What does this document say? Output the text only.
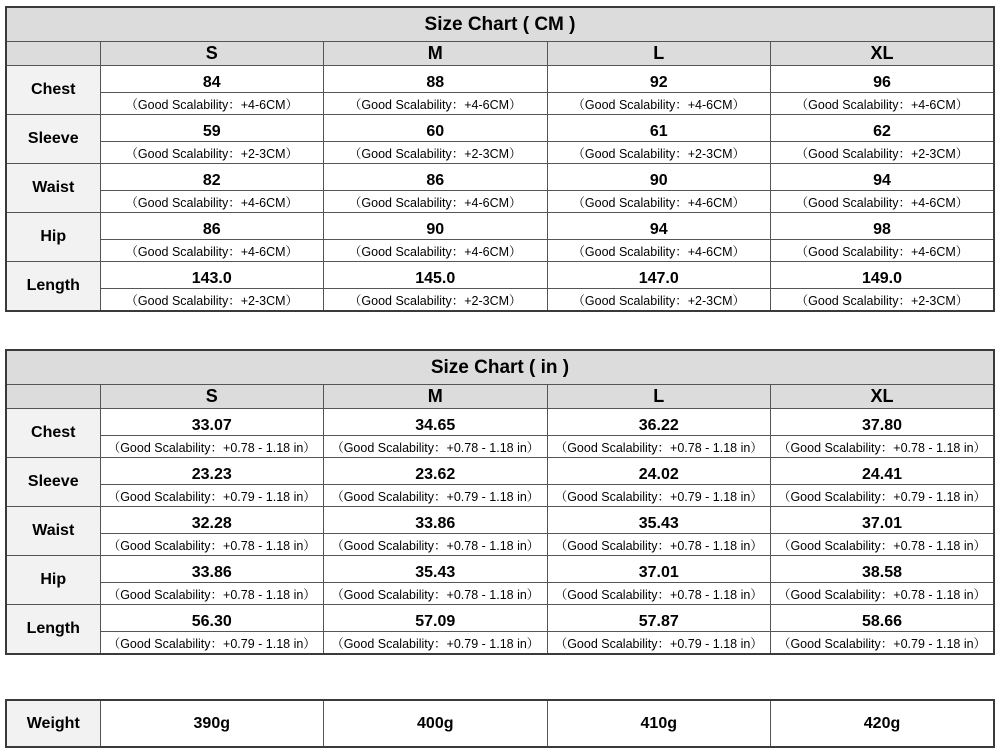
Size Chart ( CM )				
	S	M	L	XL
Chest	84	88	92	96
	（Good Scalability：+4-6CM）	（Good Scalability：+4-6CM）	（Good Scalability：+4-6CM）	（Good Scalability：+4-6CM）
Sleeve	59	60	61	62
	（Good Scalability：+2-3CM）	（Good Scalability：+2-3CM）	（Good Scalability：+2-3CM）	（Good Scalability：+2-3CM）
Waist	82	86	90	94
	（Good Scalability：+4-6CM）	（Good Scalability：+4-6CM）	（Good Scalability：+4-6CM）	（Good Scalability：+4-6CM）
Hip	86	90	94	98
	（Good Scalability：+4-6CM）	（Good Scalability：+4-6CM）	（Good Scalability：+4-6CM）	（Good Scalability：+4-6CM）
Length	143.0	145.0	147.0	149.0
	（Good Scalability：+2-3CM）	（Good Scalability：+2-3CM）	（Good Scalability：+2-3CM）	（Good Scalability：+2-3CM）
Size Chart ( in )				
	S	M	L	XL
Chest	33.07	34.65	36.22	37.80
	（Good Scalability：+0.78 - 1.18 in）	（Good Scalability：+0.78 - 1.18 in）	（Good Scalability：+0.78 - 1.18 in）	（Good Scalability：+0.78 - 1.18 in）
Sleeve	23.23	23.62	24.02	24.41
	（Good Scalability：+0.79 - 1.18 in）	（Good Scalability：+0.79 - 1.18 in）	（Good Scalability：+0.79 - 1.18 in）	（Good Scalability：+0.79 - 1.18 in）
Waist	32.28	33.86	35.43	37.01
	（Good Scalability：+0.78 - 1.18 in）	（Good Scalability：+0.78 - 1.18 in）	（Good Scalability：+0.78 - 1.18 in）	（Good Scalability：+0.78 - 1.18 in）
Hip	33.86	35.43	37.01	38.58
	（Good Scalability：+0.78 - 1.18 in）	（Good Scalability：+0.78 - 1.18 in）	（Good Scalability：+0.78 - 1.18 in）	（Good Scalability：+0.78 - 1.18 in）
Length	56.30	57.09	57.87	58.66
	（Good Scalability：+0.79 - 1.18 in）	（Good Scalability：+0.79 - 1.18 in）	（Good Scalability：+0.79 - 1.18 in）	（Good Scalability：+0.79 - 1.18 in）
Weight	390g	400g	410g	420g
